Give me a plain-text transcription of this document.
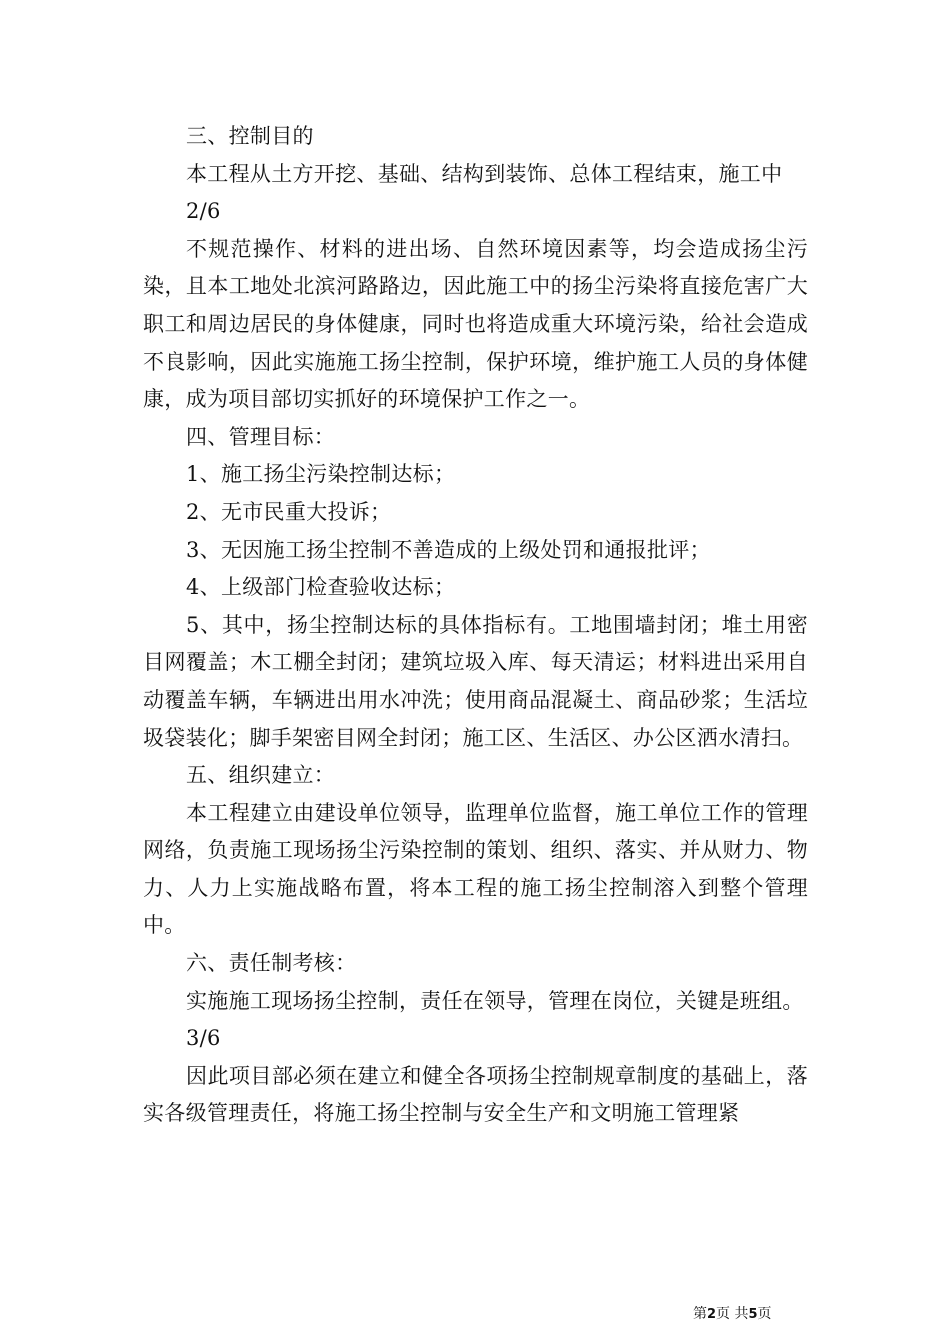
三、控制目的

本工程从土方开挖、基础、结构到装饰、总体工程结束，施工中

2/6

不规范操作、材料的进出场、自然环境因素等，均会造成扬尘污染，且本工地处北滨河路路边，因此施工中的扬尘污染将直接危害广大职工和周边居民的身体健康，同时也将造成重大环境污染，给社会造成不良影响，因此实施施工扬尘控制，保护环境，维护施工人员的身体健康，成为项目部切实抓好的环境保护工作之一。

四、管理目标：

1、施工扬尘污染控制达标；

2、无市民重大投诉；

3、无因施工扬尘控制不善造成的上级处罚和通报批评；

4、上级部门检查验收达标；

5、其中，扬尘控制达标的具体指标有。工地围墙封闭；堆土用密目网覆盖；木工棚全封闭；建筑垃圾入库、每天清运；材料进出采用自动覆盖车辆，车辆进出用水冲洗；使用商品混凝土、商品砂浆；生活垃圾袋装化；脚手架密目网全封闭；施工区、生活区、办公区洒水清扫。

五、组织建立：

本工程建立由建设单位领导，监理单位监督，施工单位工作的管理网络，负责施工现场扬尘污染控制的策划、组织、落实、并从财力、物力、人力上实施战略布置，将本工程的施工扬尘控制溶入到整个管理中。

六、责任制考核：

实施施工现场扬尘控制，责任在领导，管理在岗位，关键是班组。

3/6

因此项目部必须在建立和健全各项扬尘控制规章制度的基础上，落实各级管理责任，将施工扬尘控制与安全生产和文明施工管理紧

第2页 共5页
